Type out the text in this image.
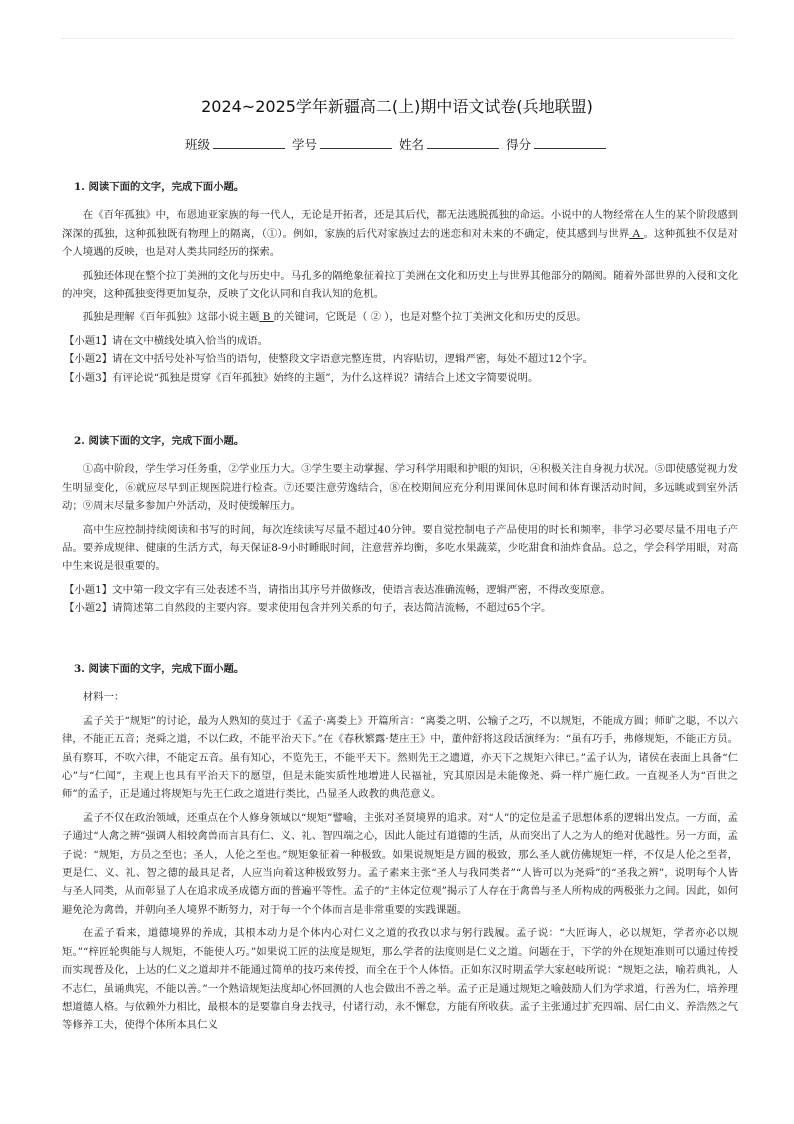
2024~2025学年新疆高二(上)期中语文试卷(兵地联盟)
班级	学号	姓名	得分
1. 阅读下面的文字，完成下面小题。

在《百年孤独》中，布恩迪亚家族的每一代人，无论是开拓者，还是其后代，都无法逃脱孤独的命运。小说中的人物经常在人生的某个阶段感到深深的孤独，这种孤独既有物理上的隔离，（①）。例如，家族的后代对家族过去的迷恋和对未来的不确定，使其感到与世界 A 。这种孤独不仅是对个人境遇的反映，也是对人类共同经历的探索。

孤独还体现在整个拉丁美洲的文化与历史中。马孔多的隔绝象征着拉丁美洲在文化和历史上与世界其他部分的隔阂。随着外部世界的入侵和文化的冲突，这种孤独变得更加复杂，反映了文化认同和自我认知的危机。

孤独是理解《百年孤独》这部小说主题 B 的关键词，它既是（ ② ），也是对整个拉丁美洲文化和历史的反思。

【小题1】请在文中横线处填入恰当的成语。

【小题2】请在文中括号处补写恰当的语句，使整段文字语意完整连贯，内容贴切，逻辑严密，每处不超过12个字。

【小题3】有评论说“孤独是贯穿《百年孤独》始终的主题”，为什么这样说？请结合上述文字简要说明。

2. 阅读下面的文字，完成下面小题。

①高中阶段，学生学习任务重，②学业压力大。③学生要主动掌握、学习科学用眼和护眼的知识，④积极关注自身视力状况。⑤即使感觉视力发生明显变化，⑥就应尽早到正规医院进行检查。⑦还要注意劳逸结合，⑧在校期间应充分利用课间休息时间和体育课活动时间，多远眺或到室外活动；⑨周末尽量多参加户外活动，及时使缓解压力。

高中生应控制持续阅读和书写的时间，每次连续读写尽量不超过40分钟。要自觉控制电子产品使用的时长和频率，非学习必要尽量不用电子产品。要养成规律、健康的生活方式，每天保证8-9小时睡眠时间，注意营养均衡，多吃水果蔬菜，少吃甜食和油炸食品。总之，学会科学用眼，对高中生来说是很重要的。

【小题1】文中第一段文字有三处表述不当，请指出其序号并做修改，使语言表达准确流畅，逻辑严密，不得改变原意。

【小题2】请简述第二自然段的主要内容。要求使用包含并列关系的句子，表达简洁流畅，不超过65个字。

3. 阅读下面的文字，完成下面小题。

材料一：

孟子关于“规矩”的讨论，最为人熟知的莫过于《孟子·离娄上》开篇所言：“离娄之明、公输子之巧，不以规矩，不能成方圆；师旷之聪，不以六律，不能正五音；尧舜之道，不以仁政，不能平治天下。”在《春秋繁露·楚庄王》中，董仲舒将这段话演绎为：“虽有巧手，弗修规矩，不能正方员。虽有察耳，不吹六律，不能定五音。虽有知心，不览先王，不能平天下。然则先王之遗道，亦天下之规矩六律已。”孟子认为，诸侯在表面上具备“仁心”与“仁闻”，主观上也具有平治天下的愿望，但是未能实质性地增进人民福祉，究其原因是未能像尧、舜一样广施仁政。一直视圣人为“百世之师”的孟子，正是通过将规矩与先王仁政之道进行类比，凸显圣人政教的典范意义。

孟子不仅在政治领域，还重点在个人修身领域以“规矩”譬喻，主张对圣贤境界的追求。对“人”的定位是孟子思想体系的逻辑出发点。一方面，孟子通过“人禽之辨”强调人相较禽兽而言具有仁、义、礼、智四端之心，因此人能过有道德的生活，从而突出了人之为人的绝对优越性。另一方面，孟子说：“规矩，方员之至也；圣人，人伦之至也。”规矩象征着一种极致。如果说规矩是方圆的极致，那么圣人就仿佛规矩一样，不仅是人伦之至者，更是仁、义、礼、智之德的最具足者，人应当向着这种极致努力。孟子素来主张“圣人与我同类者”“人皆可以为尧舜”的“圣我之辨”，说明每个人皆与圣人同类，从而彰显了人在追求成圣成德方面的普遍平等性。孟子的“主体定位观”揭示了人存在于禽兽与圣人所构成的两极张力之间。因此，如何避免沦为禽兽，并朝向圣人境界不断努力，对于每一个个体而言是非常重要的实践课题。

在孟子看来，道德境界的养成，其根本动力是个体内心对仁义之道的孜孜以求与躬行践履。孟子说：“大匠诲人，必以规矩，学者亦必以规矩。”“梓匠轮舆能与人规矩，不能使人巧。”如果说工匠的法度是规矩，那么学者的法度则是仁义之道。问题在于，下学的外在规矩准则可以通过传授而实现普及化，上达的仁义之道却并不能通过简单的技巧来传授，而全在于个人体悟。正如东汉时期孟学大家赵岐所说：“规矩之法，喻若典礼，人不志仁，虽诵典宪，不能以善。”一个熟谙规矩法度却心怀回测的人也会做出不善之举。孟子正是通过规矩之喻鼓励人们为学求道，行善为仁，培养理想道德人格。与依赖外力相比，最根本的是要靠自身去找寻，付诸行动，永不懈怠，方能有所收获。孟子主张通过扩充四端、居仁由义、养浩然之气等修养工夫，使得个体所本具仁义
